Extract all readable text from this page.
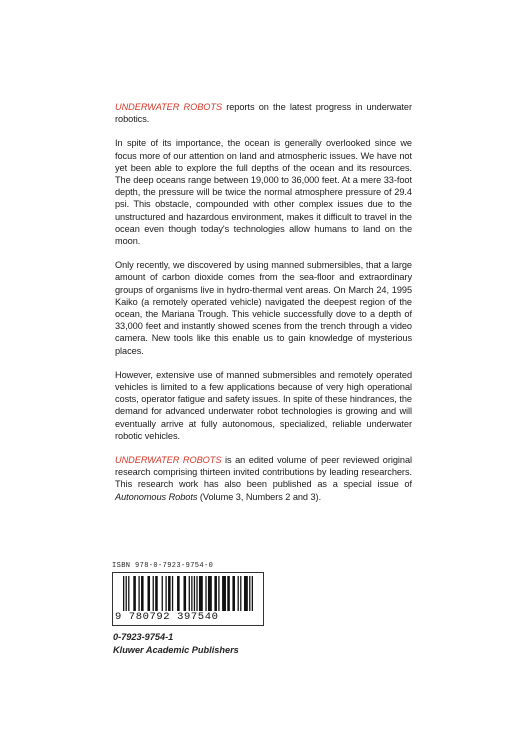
UNDERWATER ROBOTS reports on the latest progress in underwater robotics.

In spite of its importance, the ocean is generally overlooked since we focus more of our attention on land and atmospheric issues. We have not yet been able to explore the full depths of the ocean and its resources. The deep oceans range between 19,000 to 36,000 feet. At a mere 33-foot depth, the pressure will be twice the normal atmosphere pressure of 29.4 psi. This obstacle, compounded with other complex issues due to the unstructured and hazardous environment, makes it difficult to travel in the ocean even though today's technologies allow humans to land on the moon.

Only recently, we discovered by using manned submersibles, that a large amount of carbon dioxide comes from the sea-floor and extraordinary groups of organisms live in hydro-thermal vent areas. On March 24, 1995 Kaiko (a remotely operated vehicle) navigated the deepest region of the ocean, the Mariana Trough. This vehicle successfully dove to a depth of 33,000 feet and instantly showed scenes from the trench through a video camera. New tools like this enable us to gain knowledge of mysterious places.

However, extensive use of manned submersibles and remotely operated vehicles is limited to a few applications because of very high operational costs, operator fatigue and safety issues. In spite of these hindrances, the demand for advanced underwater robot technologies is growing and will eventually arrive at fully autonomous, specialized, reliable underwater robotic vehicles.

UNDERWATER ROBOTS is an edited volume of peer reviewed original research comprising thirteen invited contributions by leading researchers. This research work has also been published as a special issue of Autonomous Robots (Volume 3, Numbers 2 and 3).

ISBN 978-0-7923-9754-0
9 780792 397540
0-7923-9754-1
Kluwer Academic Publishers
